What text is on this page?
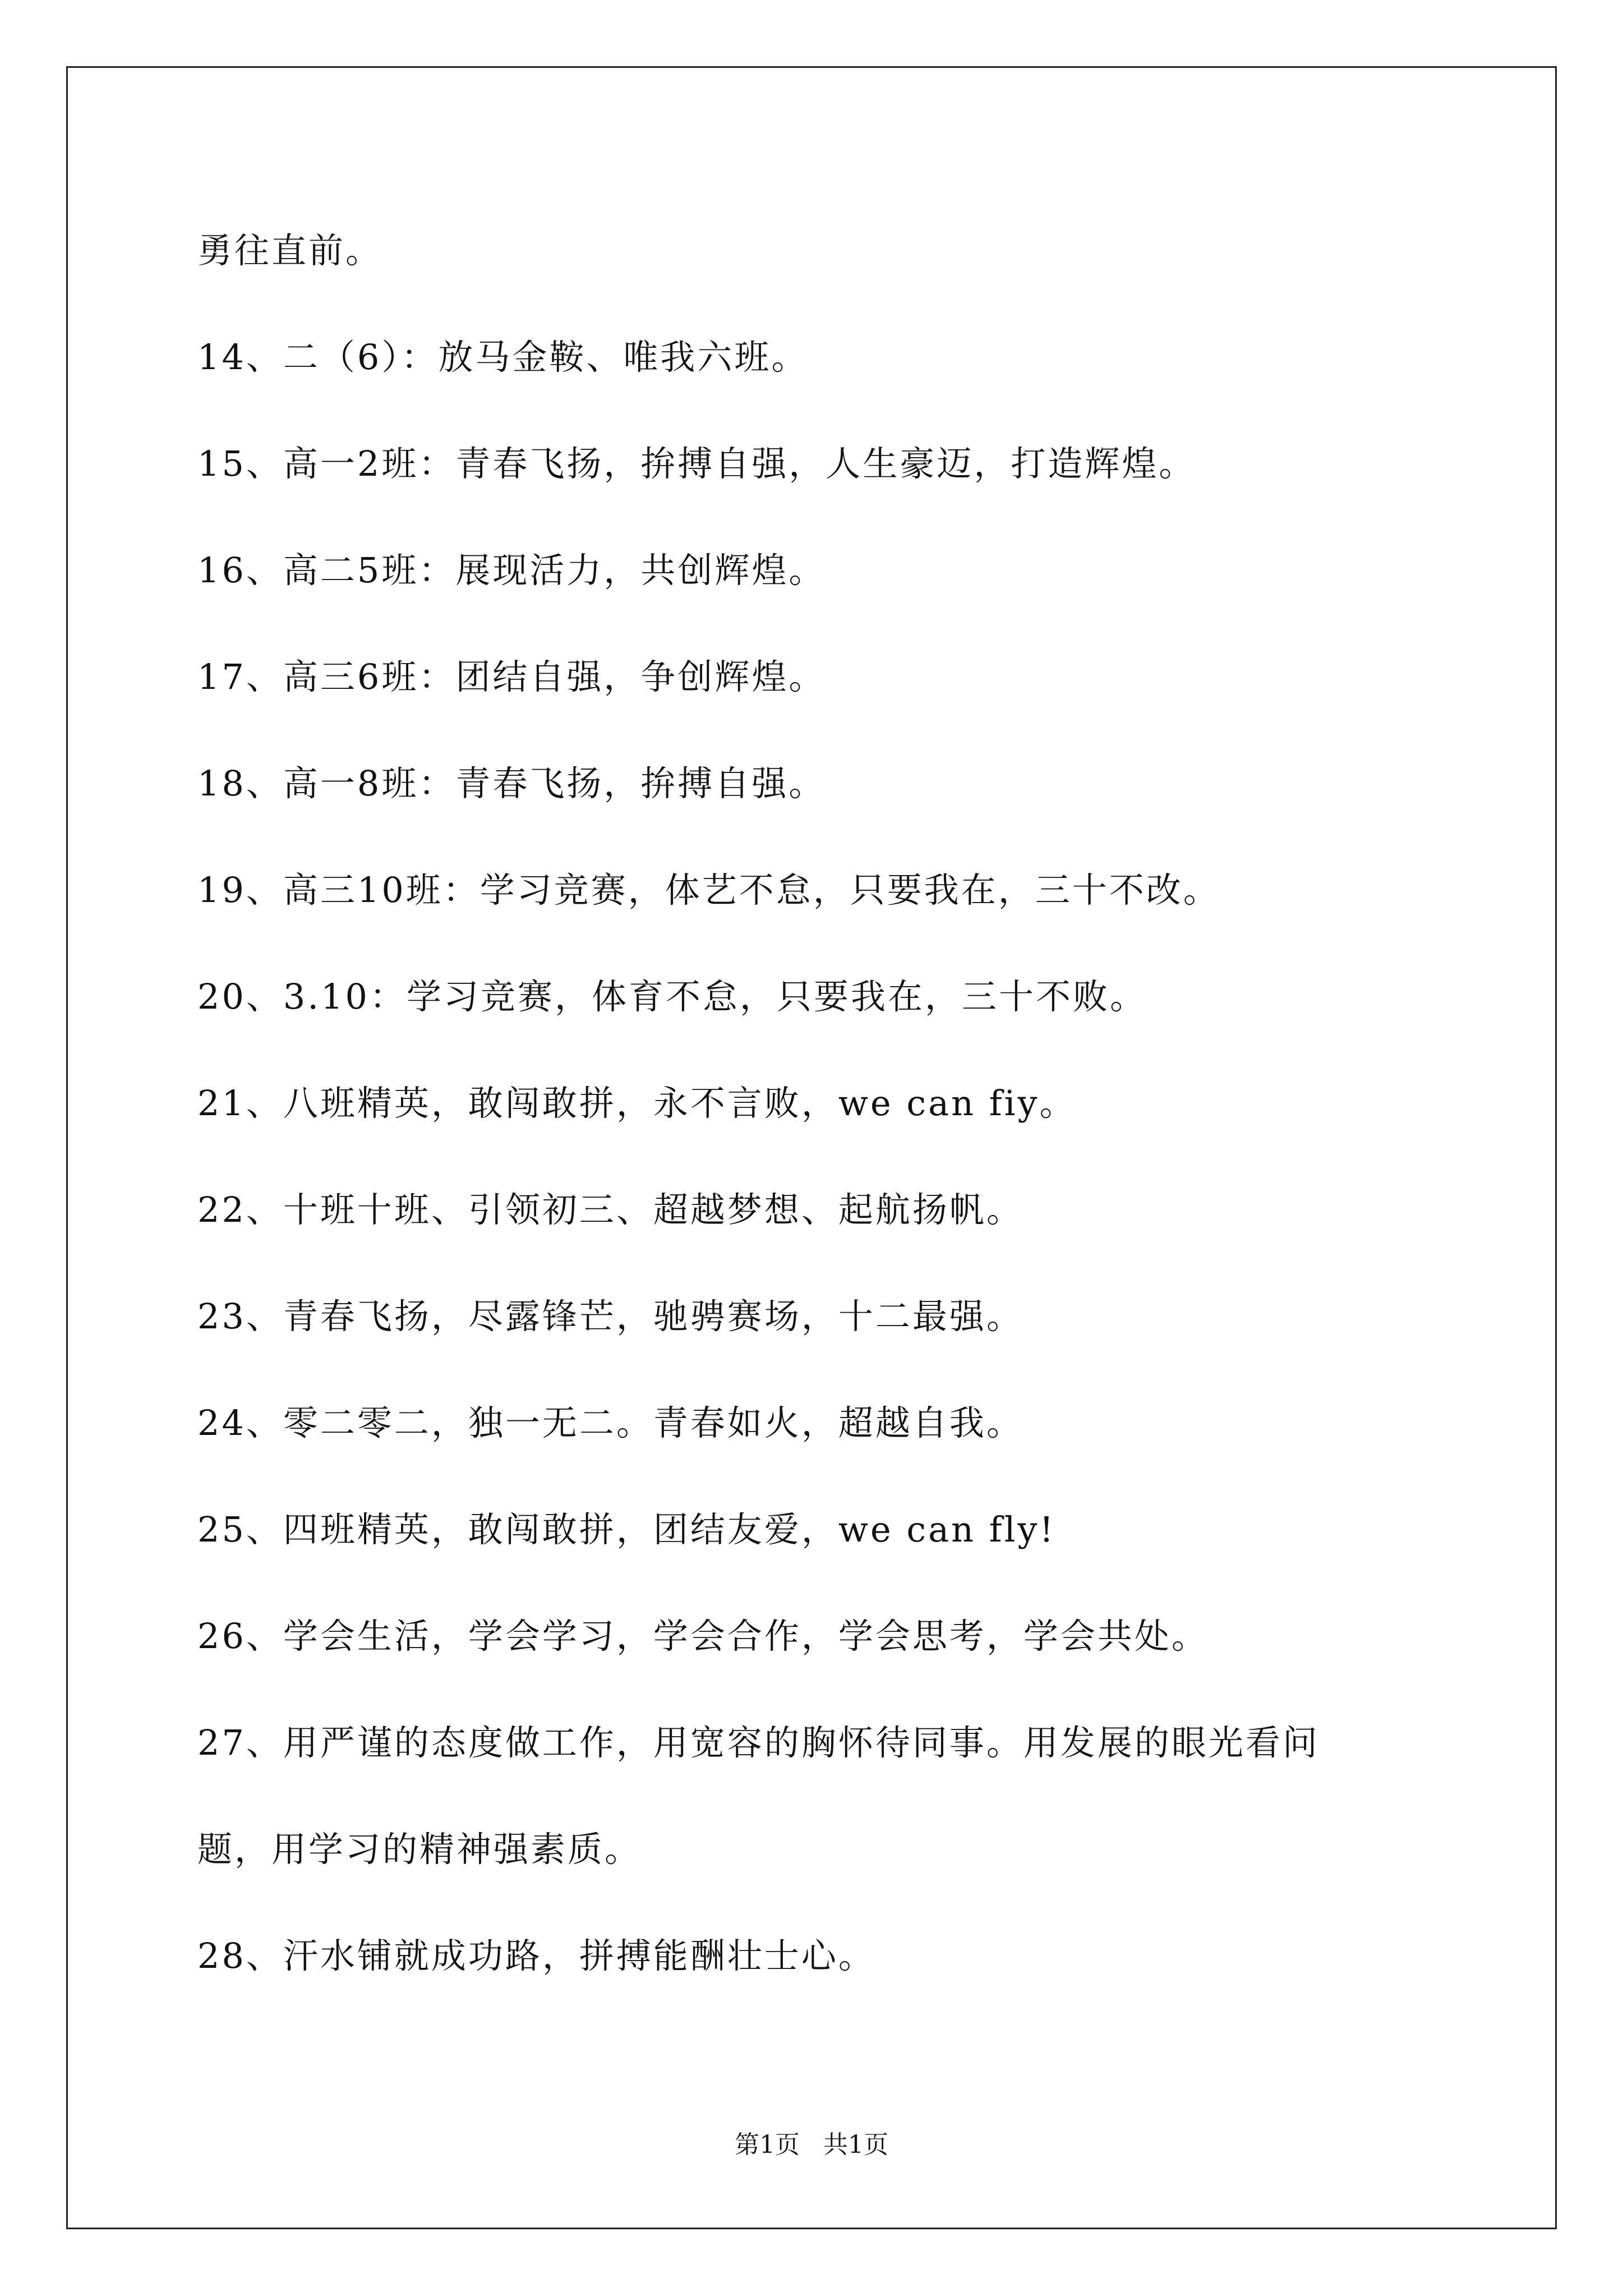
勇往直前。
14、二（6）：放马金鞍、唯我六班。
15、高一2班：青春飞扬，拚搏自强，人生豪迈，打造辉煌。
16、高二5班：展现活力，共创辉煌。
17、高三6班：团结自强，争创辉煌。
18、高一8班：青春飞扬，拚搏自强。
19、高三10班：学习竞赛，体艺不怠，只要我在，三十不改。
20、3.10：学习竞赛，体育不怠，只要我在，三十不败。
21、八班精英，敢闯敢拼，永不言败，we can fiy。
22、十班十班、引领初三、超越梦想、起航扬帆。
23、青春飞扬，尽露锋芒，驰骋赛场，十二最强。
24、零二零二，独一无二。青春如火，超越自我。
25、四班精英，敢闯敢拼，团结友爱，we can fly!
26、学会生活，学会学习，学会合作，学会思考，学会共处。
27、用严谨的态度做工作，用宽容的胸怀待同事。用发展的眼光看问
题，用学习的精神强素质。
28、汗水铺就成功路，拼搏能酬壮士心。
第1页   共1页
